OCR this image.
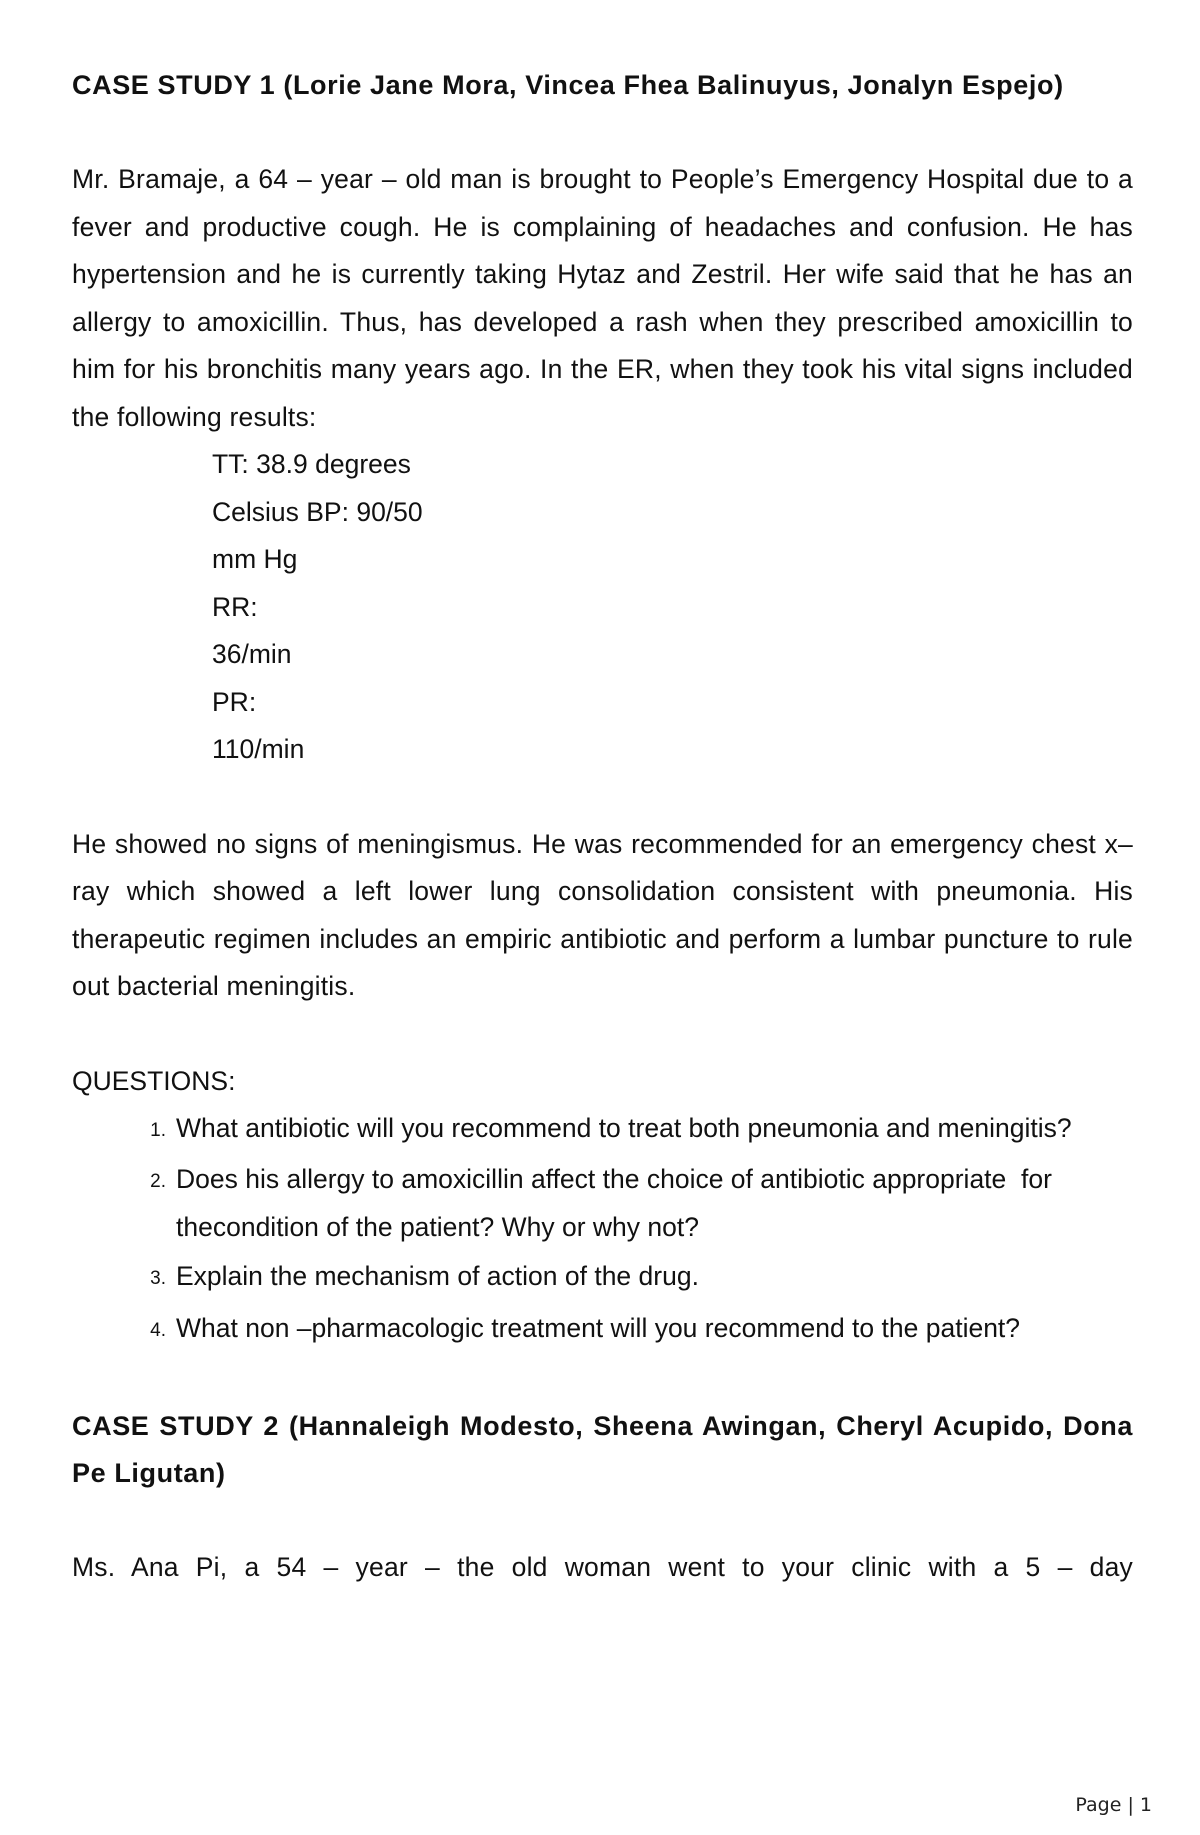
CASE STUDY 1 (Lorie Jane Mora, Vincea Fhea Balinuyus, Jonalyn Espejo)

Mr. Bramaje, a 64 – year – old man is brought to People’s Emergency Hospital due to a fever and productive cough. He is complaining of headaches and confusion. He has hypertension and he is currently taking Hytaz and Zestril. Her wife said that he has an allergy to amoxicillin. Thus, has developed a rash when they prescribed amoxicillin to him for his bronchitis many years ago. In the ER, when they took his vital signs included the following results:

TT: 38.9 degrees
Celsius BP: 90/50
mm Hg
RR:
36/min
PR:
110/min

He showed no signs of meningismus. He was recommended for an emergency chest x–ray which showed a left lower lung consolidation consistent with pneumonia. His therapeutic regimen includes an empiric antibiotic and perform a lumbar puncture to rule out bacterial meningitis.

QUESTIONS:

1. What antibiotic will you recommend to treat both pneumonia and meningitis?
2. Does his allergy to amoxicillin affect the choice of antibiotic appropriate  for  thecondition of the patient? Why or why not?
3. Explain the mechanism of action of the drug.
4. What non –pharmacologic treatment will you recommend to the patient?

CASE STUDY 2 (Hannaleigh Modesto, Sheena Awingan, Cheryl Acupido, Dona Pe Ligutan)

Ms. Ana Pi, a 54 – year – the old woman went to your clinic with a 5 – day

Page | 1
